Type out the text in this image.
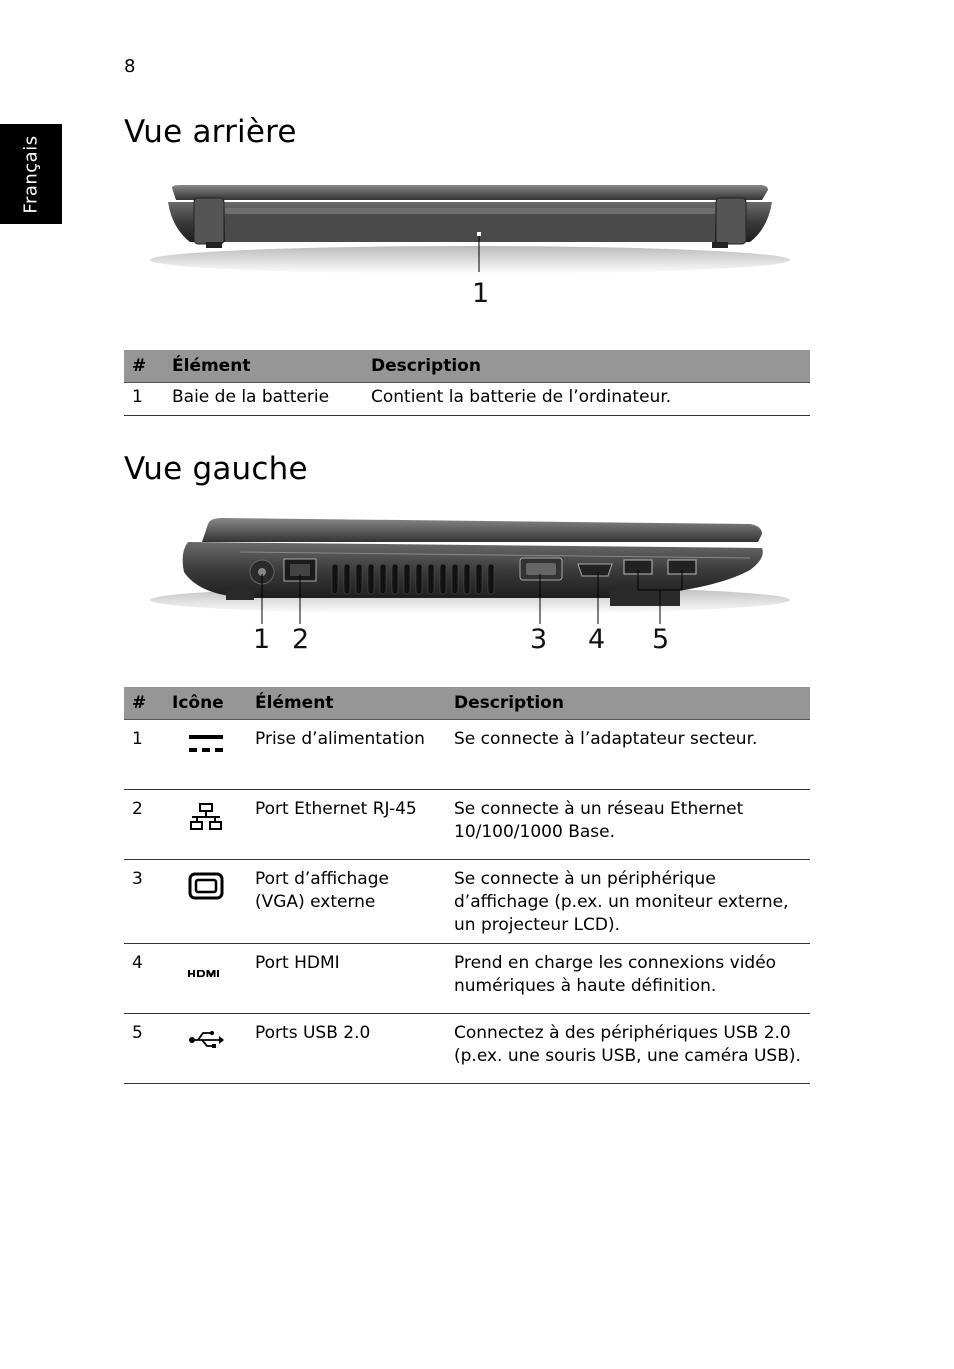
8
Français
Vue arrière
1
#	Élément	Description
1	Baie de la batterie	Contient la batterie de l’ordinateur.
Vue gauche
1 2	3 4 5
#	Icône	Élément	Description
1		Prise d’alimentation	Se connecte à l’adaptateur secteur.
2		Port Ethernet RJ-45	Se connecte à un réseau Ethernet 10/100/1000 Base.
3		Port d’affichage (VGA) externe	Se connecte à un périphérique d’affichage (p.ex. un moniteur externe, un projecteur LCD).
4		Port HDMI	Prend en charge les connexions vidéo numériques à haute définition.
5		Ports USB 2.0	Connectez à des périphériques USB 2.0 (p.ex. une souris USB, une caméra USB).
